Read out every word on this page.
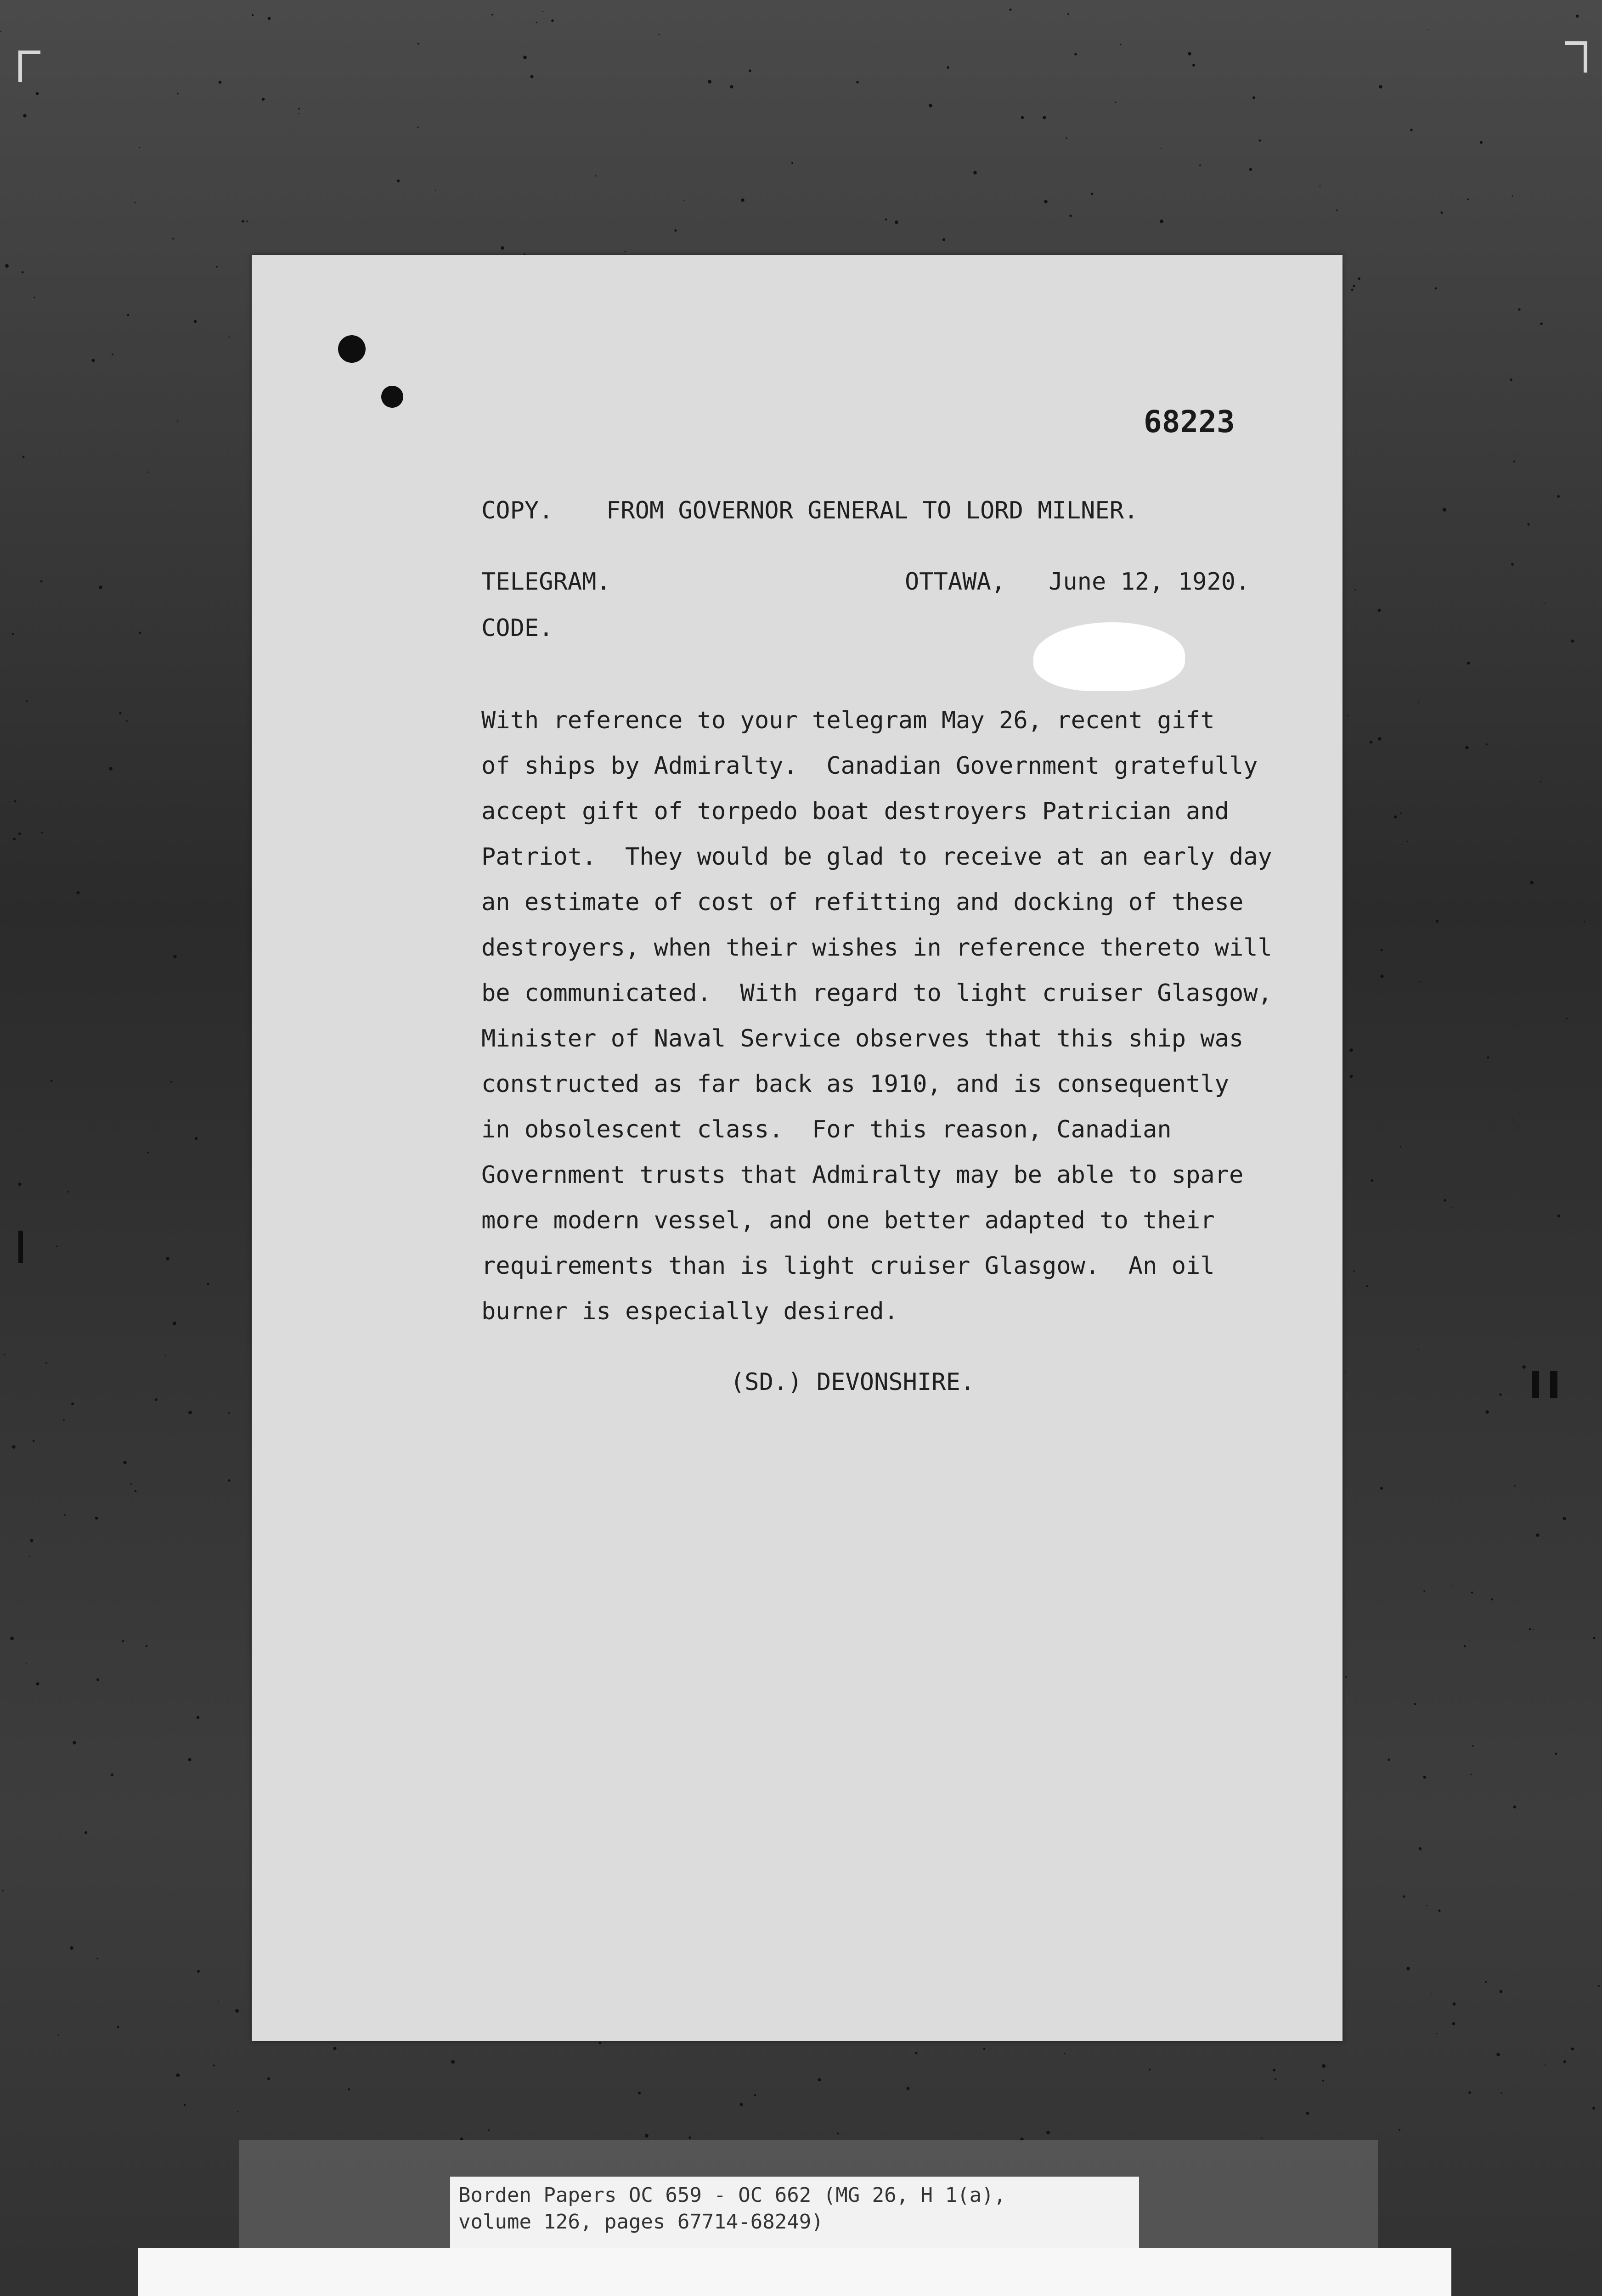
68223
COPY. FROM GOVERNOR GENERAL TO LORD MILNER.
TELEGRAM.	OTTAWA,   June 12, 1920.
CODE.
With reference to your telegram May 26, recent gift
of ships by Admiralty.  Canadian Government gratefully
accept gift of torpedo boat destroyers Patrician and
Patriot.  They would be glad to receive at an early day
an estimate of cost of refitting and docking of these
destroyers, when their wishes in reference thereto will
be communicated.  With regard to light cruiser Glasgow,
Minister of Naval Service observes that this ship was
constructed as far back as 1910, and is consequently
in obsolescent class.  For this reason, Canadian
Government trusts that Admiralty may be able to spare
more modern vessel, and one better adapted to their
requirements than is light cruiser Glasgow.  An oil
burner is especially desired.
(SD.) DEVONSHIRE.
Borden Papers OC 659 - OC 662 (MG 26, H 1(a),
volume 126, pages 67714-68249)
